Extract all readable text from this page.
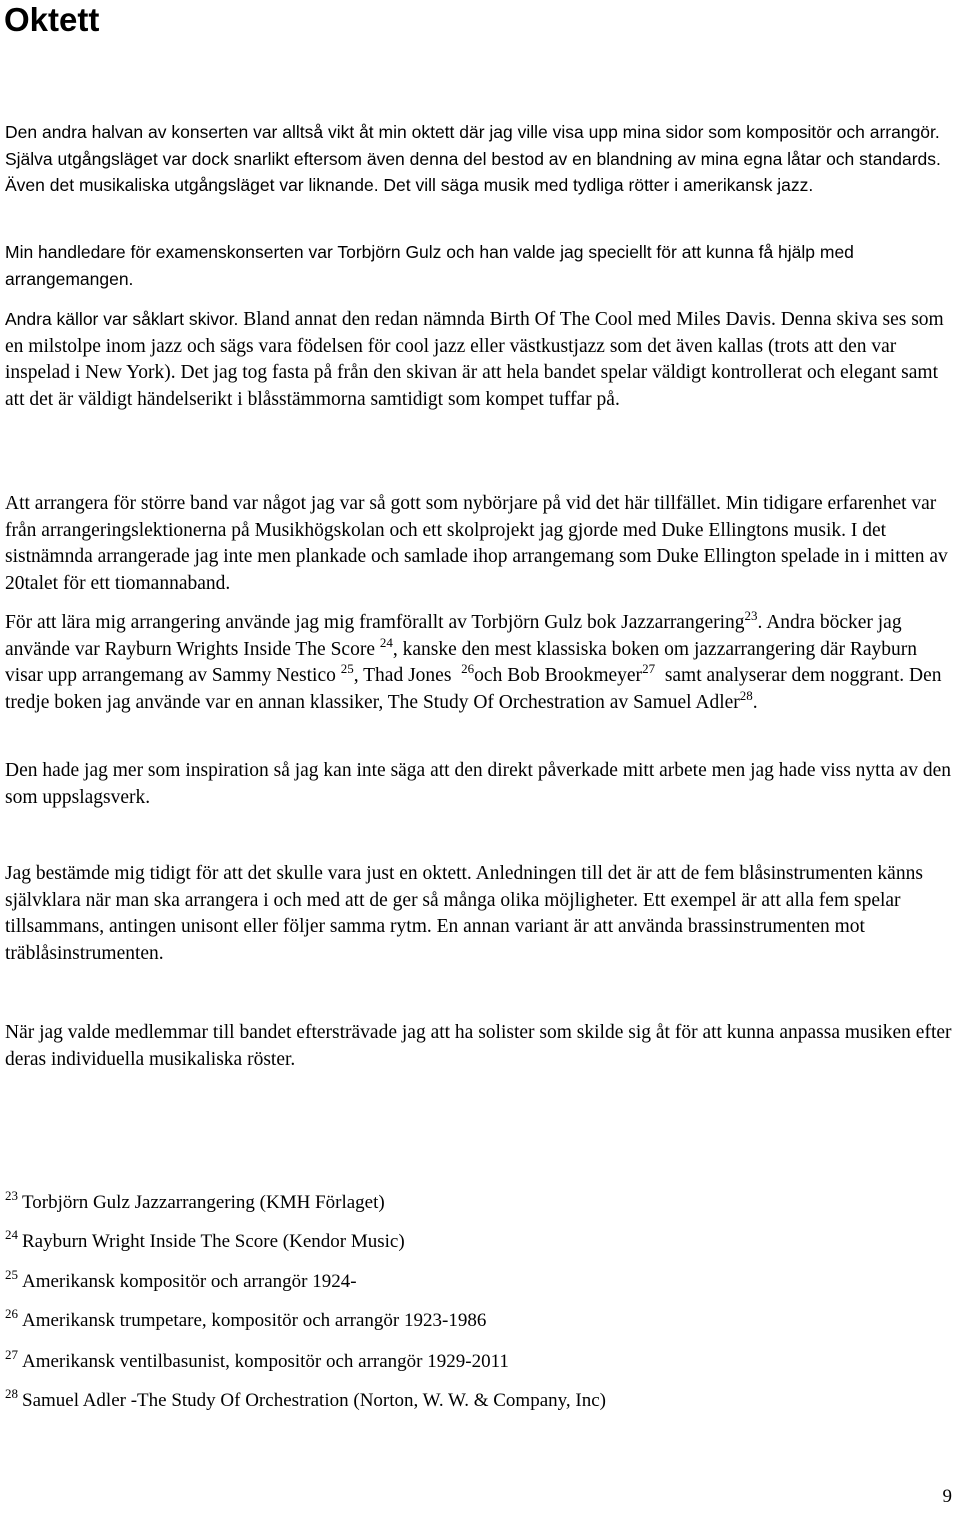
Oktett

Den andra halvan av konserten var alltså vikt åt min oktett där jag ville visa upp mina sidor som kompositör och arrangör. Själva utgångsläget var dock snarlikt eftersom även denna del bestod av en blandning av mina egna låtar och standards. Även det musikaliska utgångsläget var liknande. Det vill säga musik med tydliga rötter i amerikansk jazz.

Min handledare för examenskonserten var Torbjörn Gulz och han valde jag speciellt för att kunna få hjälp med arrangemangen.

Andra källor var såklart skivor. Bland annat den redan nämnda Birth Of The Cool med Miles Davis. Denna skiva ses som en milstolpe inom jazz och sägs vara födelsen för cool jazz eller västkustjazz som det även kallas (trots att den var inspelad i New York). Det jag tog fasta på från den skivan är att hela bandet spelar väldigt kontrollerat och elegant samt att det är väldigt händelserikt i blåsstämmorna samtidigt som kompet tuffar på.

Att arrangera för större band var något jag var så gott som nybörjare på vid det här tillfället. Min tidigare erfarenhet var från arrangeringslektionerna på Musikhögskolan och ett skolprojekt jag gjorde med Duke Ellingtons musik. I det sistnämnda arrangerade jag inte men plankade och samlade ihop arrangemang som Duke Ellington spelade in i mitten av 20talet för ett tiomannaband.

För att lära mig arrangering använde jag mig framförallt av Torbjörn Gulz bok Jazzarrangering$^{23}$. Andra böcker jag använde var Rayburn Wrights Inside The Score $^{24}$, kanske den mest klassiska boken om jazzarrangering där Rayburn visar upp arrangemang av Sammy Nestico $^{25}$, Thad Jones $^{26}$och Bob Brookmeyer$^{27}$ samt analyserar dem noggrant. Den tredje boken jag använde var en annan klassiker, The Study Of Orchestration av Samuel Adler$^{28}$.

Den hade jag mer som inspiration så jag kan inte säga att den direkt påverkade mitt arbete men jag hade viss nytta av den som uppslagsverk.

Jag bestämde mig tidigt för att det skulle vara just en oktett. Anledningen till det är att de fem blåsinstrumenten känns självklara när man ska arrangera i och med att de ger så många olika möjligheter. Ett exempel är att alla fem spelar tillsammans, antingen unisont eller följer samma rytm. En annan variant är att använda brassinstrumenten mot träblåsinstrumenten.

När jag valde medlemmar till bandet eftersträvade jag att ha solister som skilde sig åt för att kunna anpassa musiken efter deras individuella musikaliska röster.

$^{23}$ Torbjörn Gulz Jazzarrangering (KMH Förlaget)

$^{24}$ Rayburn Wright Inside The Score (Kendor Music)

$^{25}$ Amerikansk kompositör och arrangör 1924-

$^{26}$ Amerikansk trumpetare, kompositör och arrangör 1923-1986

$^{27}$ Amerikansk ventilbasunist, kompositör och arrangör 1929-2011

$^{28}$ Samuel Adler -The Study Of Orchestration (Norton, W. W. & Company, Inc)

9
